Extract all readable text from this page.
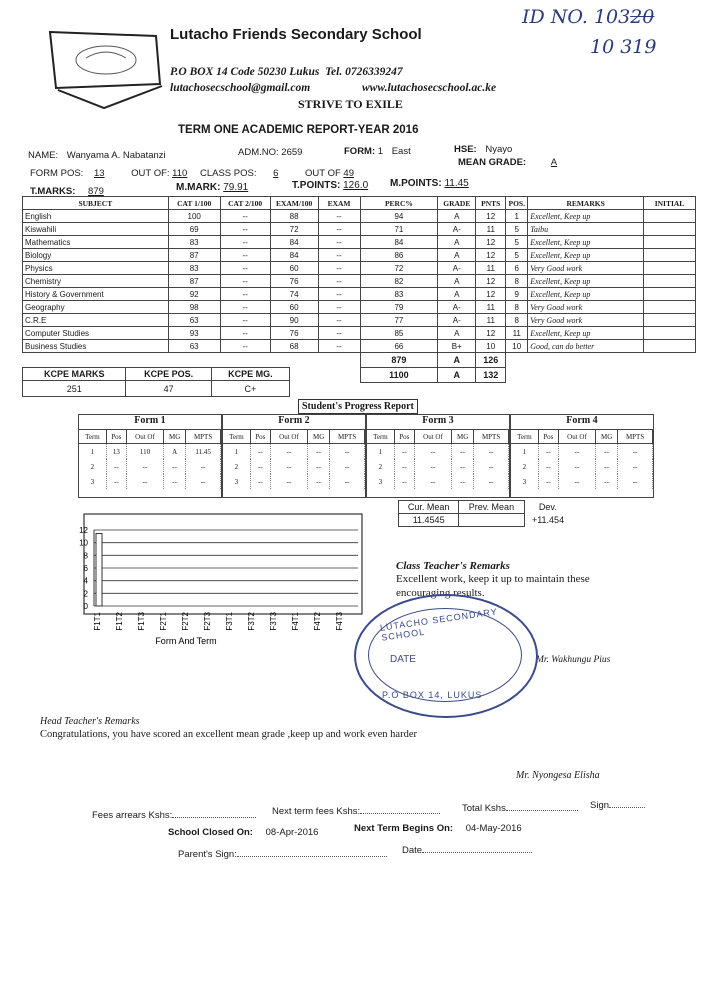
ID NO. 10320
10 319
Lutacho Friends Secondary School
P.O BOX 14 Code 50230 Lukus Tel. 0726339247
lutachosecschool@gmail.com	www.lutachosecschool.ac.ke
STRIVE TO EXILE
TERM ONE ACADEMIC REPORT-YEAR 2016
NAME: Wanyama A. Nabatanzi	ADM.NO: 2659	FORM: 1 East	HSE: Nyayo
FORM POS: 13	OUT OF: 110 CLASS POS: 6	OUT OF 49
MEAN GRADE:	A
T.MARKS: 879	M.MARK: 79.91	T.POINTS: 126.0 M.POINTS: 11.45
SUBJECT	CAT 1/100	CAT 2/100	EXAM/100	EXAM	PERC%	GRADE	PNTS	POS.	REMARKS	INITIAL
English	100	--	88	--	94	A	12	1	Excellent, Keep up	
Kiswahili	69	--	72	--	71	A-	11	5	Taibu	
Mathematics	83	--	84	--	84	A	12	5	Excellent, Keep up	
Biology	87	--	84	--	86	A	12	5	Excellent, Keep up	
Physics	83	--	60	--	72	A-	11	6	Very Good work	
Chemistry	87	--	76	--	82	A	12	8	Excellent, Keep up	
History & Government	92	--	74	--	83	A	12	9	Excellent, Keep up	
Geography	98	--	60	--	79	A-	11	8	Very Good work	
C.R.E	63	--	90	--	77	A-	11	8	Very Good work	
Computer Studies	93	--	76	--	85	A	12	11	Excellent, Keep up	
Business Studies	63	--	68	--	66	B+	10	10	Good, can do better	
					879	A	126			
					1100	A	132			
KCPE MARKS	KCPE POS.	KCPE MG.
251	47	C+
Student's Progress Report
Form 1
Term	Pos	Out Of	MG	MPTS
1	13	110	A	11.45
2	--	--	--	--
3	--	--	--	--
Form 2
Term	Pos	Out Of	MG	MPTS
1	--	--	--	--
2	--	--	--	--
3	--	--	--	--
Form 3
Term	Pos	Out Of	MG	MPTS
1	--	--	--	--
2	--	--	--	--
3	--	--	--	--
Form 4
Term	Pos	Out Of	MG	MPTS
1	--	--	--	--
2	--	--	--	--
3	--	--	--	--
Cur. Mean	Prev. Mean	Dev.
11.4545		+11.454
0
2
4
6
8
10
12
F1T1 F1T2 F1T3 F2T1 F2T2 F2T3 F3T1 F3T2 F3T3 F4T1 F4T2 F4T3
Form And Term
Class Teacher's Remarks
Excellent work, keep it up to maintain these encouraging results.
Mr. Wakhungu Pius
LUTACHO SECONDARY SCHOOL
DATE
P.O BOX 14, LUKUS
Head Teacher's Remarks
Congratulations, you have scored an excellent mean grade ,keep up and work even harder
Mr. Nyongesa Elisha
Fees arrears Kshs:	Next term fees Kshs:	Total Kshs	Sign
School Closed On: 08-Apr-2016	Next Term Begins On: 04-May-2016
Parent's Sign:	Date
